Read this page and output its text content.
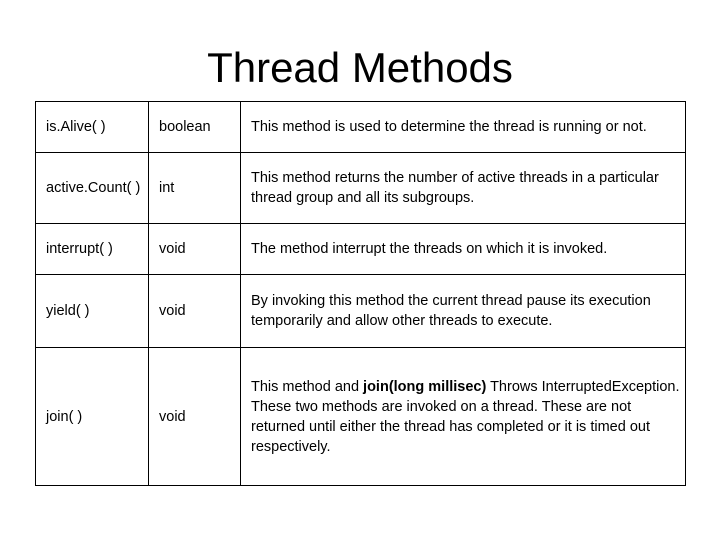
Thread Methods
is.Alive( )	boolean	This method is used to determine the thread is running or not.
active.Count( )	int	This method returns the number of active threads in a particular thread group and all its subgroups.
interrupt( )	void	The method interrupt the threads on which it is invoked.
yield( )	void	By invoking this method the current thread pause its execution temporarily and allow other threads to execute.
join( )	void	This method and join(long millisec) Throws InterruptedException. These two methods are invoked on a thread. These are not returned until either the thread has completed or it is timed out respectively.
